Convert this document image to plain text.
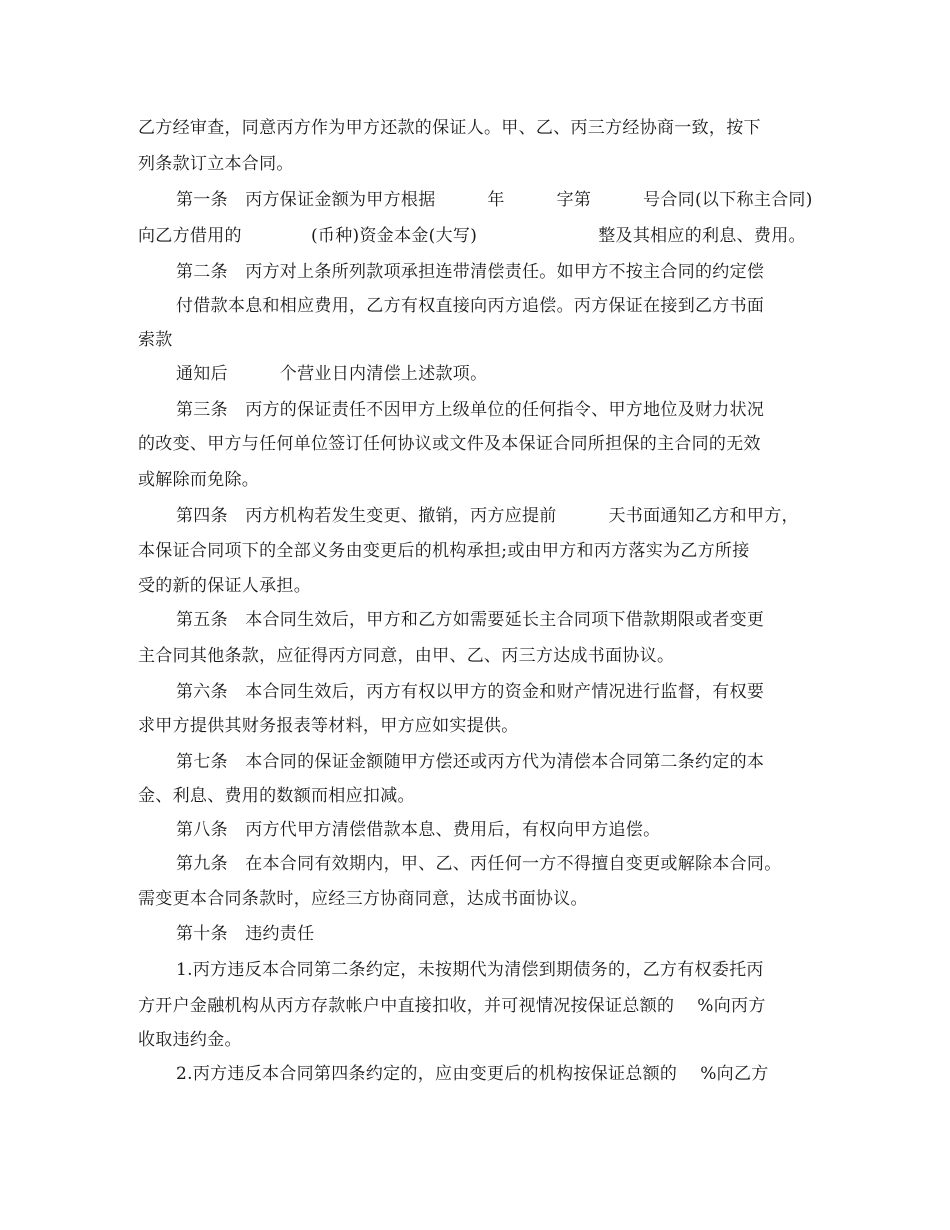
乙方经审查，同意丙方作为甲方还款的保证人。甲、乙、丙三方经协商一致，按下
列条款订立本合同。
第一条　丙方保证金额为甲方根据　　　年　　　字第　　　号合同(以下称主合同)
向乙方借用的　　　　(币种)资金本金(大写)　　　　　　　整及其相应的利息、费用。
第二条　丙方对上条所列款项承担连带清偿责任。如甲方不按主合同的约定偿
付借款本息和相应费用，乙方有权直接向丙方追偿。丙方保证在接到乙方书面
索款
通知后　　　个营业日内清偿上述款项。
第三条　丙方的保证责任不因甲方上级单位的任何指令、甲方地位及财力状况
的改变、甲方与任何单位签订任何协议或文件及本保证合同所担保的主合同的无效
或解除而免除。
第四条　丙方机构若发生变更、撤销，丙方应提前　　　天书面通知乙方和甲方，
本保证合同项下的全部义务由变更后的机构承担;或由甲方和丙方落实为乙方所接
受的新的保证人承担。
第五条　本合同生效后，甲方和乙方如需要延长主合同项下借款期限或者变更
主合同其他条款，应征得丙方同意，由甲、乙、丙三方达成书面协议。
第六条　本合同生效后，丙方有权以甲方的资金和财产情况进行监督，有权要
求甲方提供其财务报表等材料，甲方应如实提供。
第七条　本合同的保证金额随甲方偿还或丙方代为清偿本合同第二条约定的本
金、利息、费用的数额而相应扣减。
第八条　丙方代甲方清偿借款本息、费用后，有权向甲方追偿。
第九条　在本合同有效期内，甲、乙、丙任何一方不得擅自变更或解除本合同。
需变更本合同条款时，应经三方协商同意，达成书面协议。
第十条　违约责任
1.丙方违反本合同第二条约定，未按期代为清偿到期债务的，乙方有权委托丙
方开户金融机构从丙方存款帐户中直接扣收，并可视情况按保证总额的　 %向丙方
收取违约金。
2.丙方违反本合同第四条约定的，应由变更后的机构按保证总额的　 %向乙方
